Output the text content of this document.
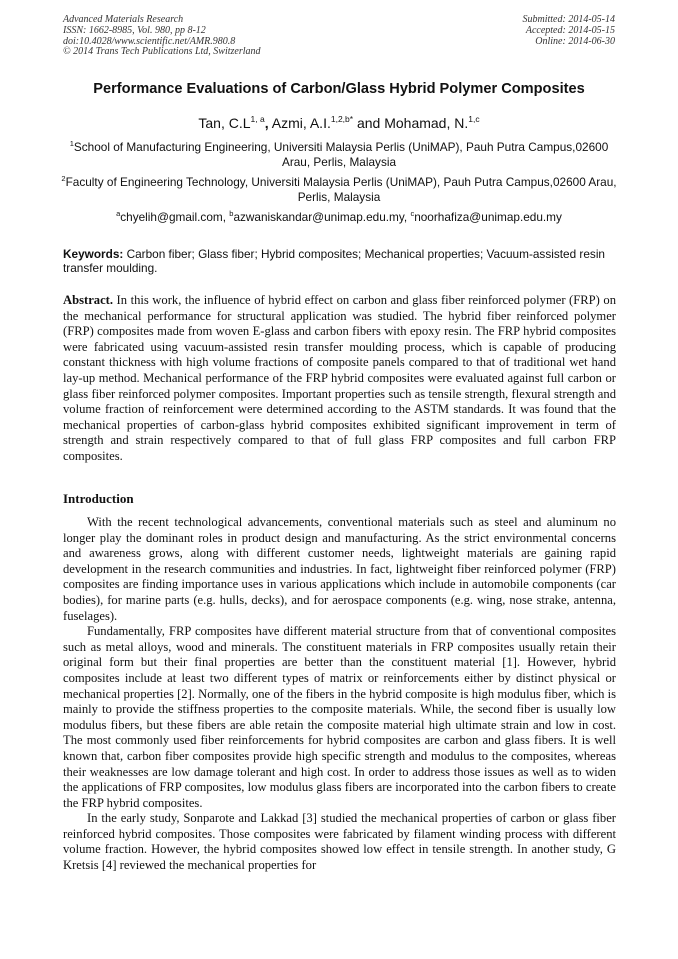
Advanced Materials Research
ISSN: 1662-8985, Vol. 980, pp 8-12
doi:10.4028/www.scientific.net/AMR.980.8
© 2014 Trans Tech Publications Ltd, Switzerland
Submitted: 2014-05-14
Accepted: 2014-05-15
Online: 2014-06-30
Performance Evaluations of Carbon/Glass Hybrid Polymer Composites
Tan, $C.L^{1, a}$, Azmi, A.I.$^{1,2,b*}$ and Mohamad, N.$^{1,c}$
$^1$School of Manufacturing Engineering, Universiti Malaysia Perlis (UniMAP), Pauh Putra Campus,02600 Arau, Perlis, Malaysia
$^2$Faculty of Engineering Technology, Universiti Malaysia Perlis (UniMAP), Pauh Putra Campus,02600 Arau, Perlis, Malaysia
$^a$chyelih@gmail.com, $^b$azwaniskandar@unimap.edu.my, $^c$noorhafiza@unimap.edu.my
Keywords: Carbon fiber; Glass fiber; Hybrid composites; Mechanical properties; Vacuum-assisted resin transfer moulding.
Abstract. In this work, the influence of hybrid effect on carbon and glass fiber reinforced polymer (FRP) on the mechanical performance for structural application was studied. The hybrid fiber reinforced polymer (FRP) composites made from woven E-glass and carbon fibers with epoxy resin. The FRP hybrid composites were fabricated using vacuum-assisted resin transfer moulding process, which is capable of producing constant thickness with high volume fractions of composite panels compared to that of traditional wet hand lay-up method. Mechanical performance of the FRP hybrid composites were evaluated against full carbon or glass fiber reinforced polymer composites. Important properties such as tensile strength, flexural strength and volume fraction of reinforcement were determined according to the ASTM standards. It was found that the mechanical properties of carbon-glass hybrid composites exhibited significant improvement in term of strength and strain respectively compared to that of full glass FRP composites and full carbon FRP composites.
Introduction

With the recent technological advancements, conventional materials such as steel and aluminum no longer play the dominant roles in product design and manufacturing. As the strict environmental concerns and awareness grows, along with different customer needs, lightweight materials are gaining rapid development in the research communities and industries. In fact, lightweight fiber reinforced polymer (FRP) composites are finding importance uses in various applications which include in automobile components (car bodies), for marine parts (e.g. hulls, decks), and for aerospace components (e.g. wing, nose strake, antenna, fuselages).

Fundamentally, FRP composites have different material structure from that of conventional composites such as metal alloys, wood and minerals. The constituent materials in FRP composites usually retain their original form but their final properties are better than the constituent material [1]. However, hybrid composites include at least two different types of matrix or reinforcements either by distinct physical or mechanical properties [2]. Normally, one of the fibers in the hybrid composite is high modulus fiber, which is mainly to provide the stiffness properties to the composite materials. While, the second fiber is usually low modulus fibers, but these fibers are able retain the composite material high ultimate strain and low in cost. The most commonly used fiber reinforcements for hybrid composites are carbon and glass fibers. It is well known that, carbon fiber composites provide high specific strength and modulus to the composites, whereas their weaknesses are low damage tolerant and high cost. In order to address those issues as well as to widen the applications of FRP composites, low modulus glass fibers are incorporated into the carbon fibers to create the FRP hybrid composites.

In the early study, Sonparote and Lakkad [3] studied the mechanical properties of carbon or glass fiber reinforced hybrid composites. Those composites were fabricated by filament winding process with different volume fraction. However, the hybrid composites showed low effect in tensile strength. In another study, G Kretsis [4] reviewed the mechanical properties for
